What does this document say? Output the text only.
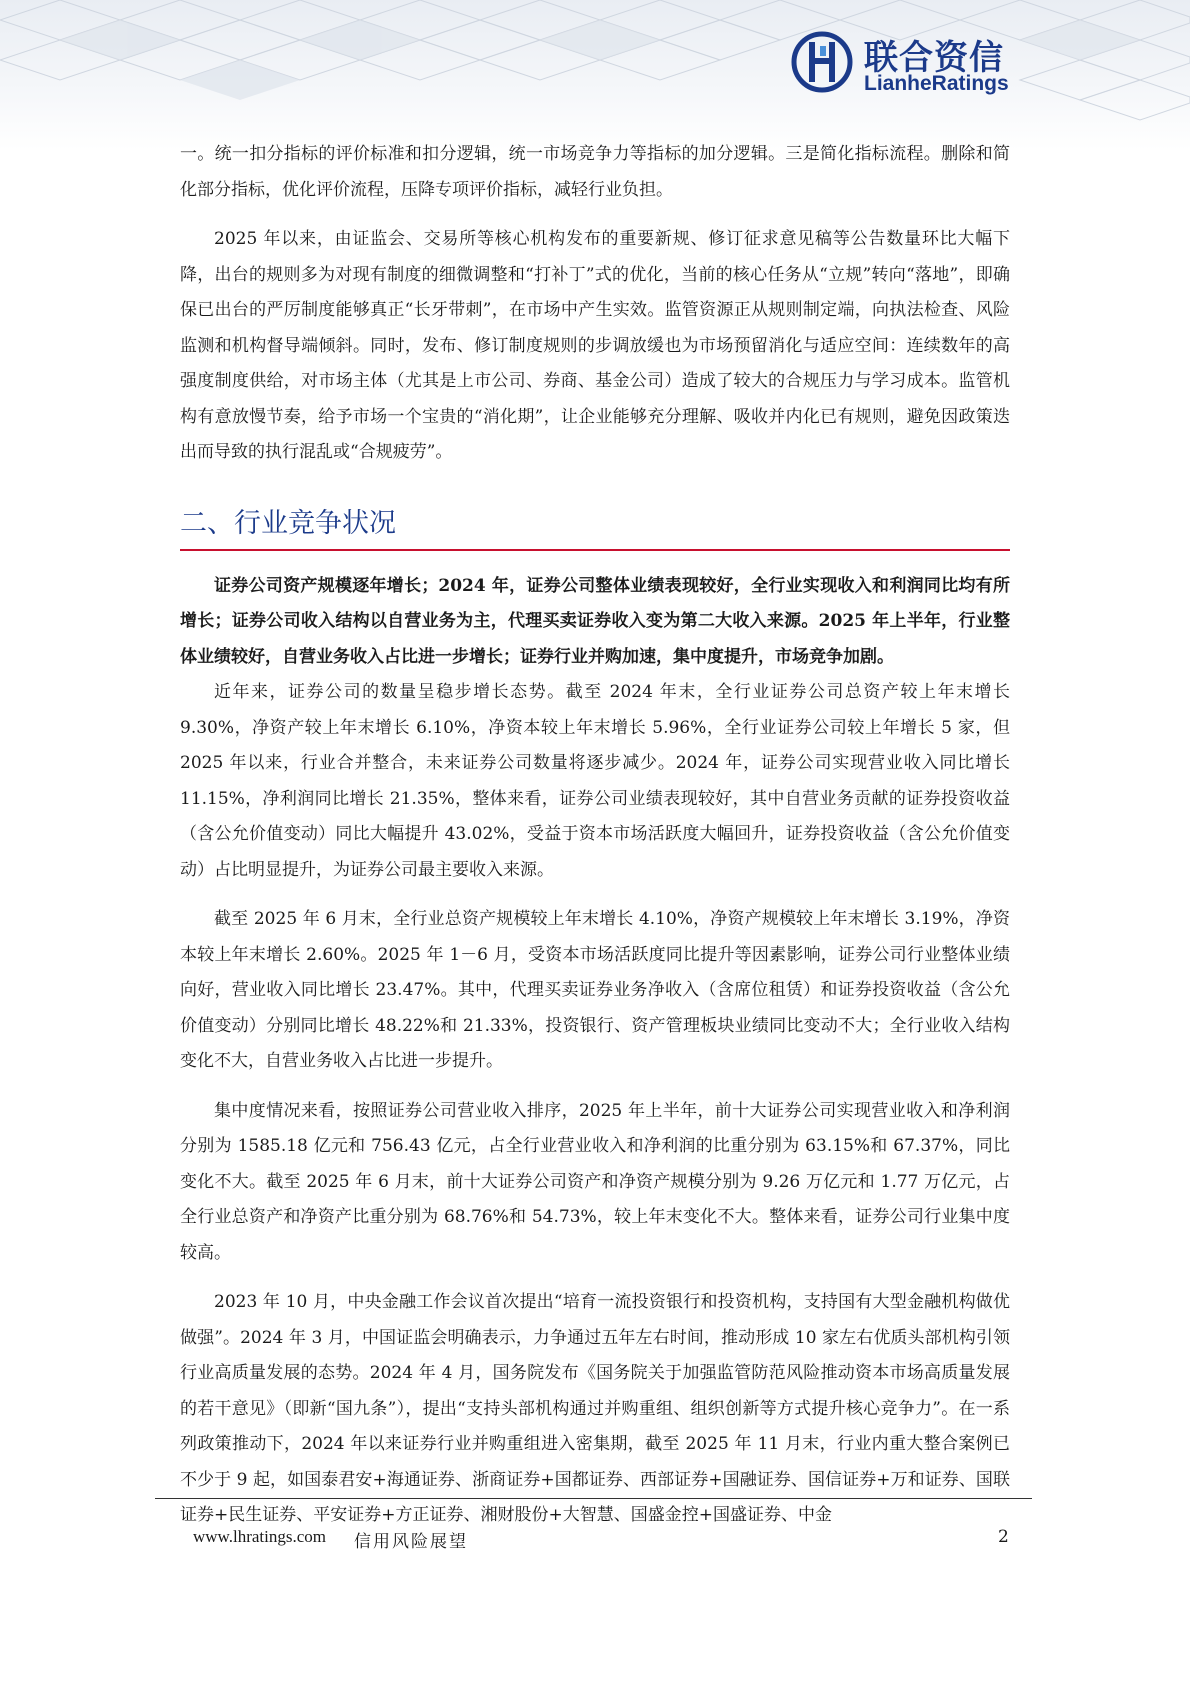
联合资信
LianheRatings

一。统一扣分指标的评价标准和扣分逻辑，统一市场竞争力等指标的加分逻辑。三是简化指标流程。删除和简化部分指标，优化评价流程，压降专项评价指标，减轻行业负担。

2025 年以来，由证监会、交易所等核心机构发布的重要新规、修订征求意见稿等公告数量环比大幅下降，出台的规则多为对现有制度的细微调整和“打补丁”式的优化，当前的核心任务从“立规”转向“落地”，即确保已出台的严厉制度能够真正“长牙带刺”，在市场中产生实效。监管资源正从规则制定端，向执法检查、风险监测和机构督导端倾斜。同时，发布、修订制度规则的步调放缓也为市场预留消化与适应空间：连续数年的高强度制度供给，对市场主体（尤其是上市公司、券商、基金公司）造成了较大的合规压力与学习成本。监管机构有意放慢节奏，给予市场一个宝贵的“消化期”，让企业能够充分理解、吸收并内化已有规则，避免因政策迭出而导致的执行混乱或“合规疲劳”。

二、行业竞争状况

证券公司资产规模逐年增长；2024 年，证券公司整体业绩表现较好，全行业实现收入和利润同比均有所增长；证券公司收入结构以自营业务为主，代理买卖证券收入变为第二大收入来源。2025 年上半年，行业整体业绩较好，自营业务收入占比进一步增长；证券行业并购加速，集中度提升，市场竞争加剧。

近年来，证券公司的数量呈稳步增长态势。截至 2024 年末，全行业证券公司总资产较上年末增长 9.30%，净资产较上年末增长 6.10%，净资本较上年末增长 5.96%，全行业证券公司较上年增长 5 家，但 2025 年以来，行业合并整合，未来证券公司数量将逐步减少。2024 年，证券公司实现营业收入同比增长 11.15%，净利润同比增长 21.35%，整体来看，证券公司业绩表现较好，其中自营业务贡献的证券投资收益（含公允价值变动）同比大幅提升 43.02%，受益于资本市场活跃度大幅回升，证券投资收益（含公允价值变动）占比明显提升，为证券公司最主要收入来源。

截至 2025 年 6 月末，全行业总资产规模较上年末增长 4.10%，净资产规模较上年末增长 3.19%，净资本较上年末增长 2.60%。2025 年 1－6 月，受资本市场活跃度同比提升等因素影响，证券公司行业整体业绩向好，营业收入同比增长 23.47%。其中，代理买卖证券业务净收入（含席位租赁）和证券投资收益（含公允价值变动）分别同比增长 48.22%和 21.33%，投资银行、资产管理板块业绩同比变动不大；全行业收入结构变化不大，自营业务收入占比进一步提升。

集中度情况来看，按照证券公司营业收入排序，2025 年上半年，前十大证券公司实现营业收入和净利润分别为 1585.18 亿元和 756.43 亿元，占全行业营业收入和净利润的比重分别为 63.15%和 67.37%，同比变化不大。截至 2025 年 6 月末，前十大证券公司资产和净资产规模分别为 9.26 万亿元和 1.77 万亿元，占全行业总资产和净资产比重分别为 68.76%和 54.73%，较上年末变化不大。整体来看，证券公司行业集中度较高。

2023 年 10 月，中央金融工作会议首次提出“培育一流投资银行和投资机构，支持国有大型金融机构做优做强”。2024 年 3 月，中国证监会明确表示，力争通过五年左右时间，推动形成 10 家左右优质头部机构引领行业高质量发展的态势。2024 年 4 月，国务院发布《国务院关于加强监管防范风险推动资本市场高质量发展的若干意见》（即新“国九条”），提出“支持头部机构通过并购重组、组织创新等方式提升核心竞争力”。在一系列政策推动下，2024 年以来证券行业并购重组进入密集期，截至 2025 年 11 月末，行业内重大整合案例已不少于 9 起，如国泰君安+海通证券、浙商证券+国都证券、西部证券+国融证券、国信证券+万和证券、国联证券+民生证券、平安证券+方正证券、湘财股份+大智慧、国盛金控+国盛证券、中金

www.lhratings.com 信用风险展望	2
